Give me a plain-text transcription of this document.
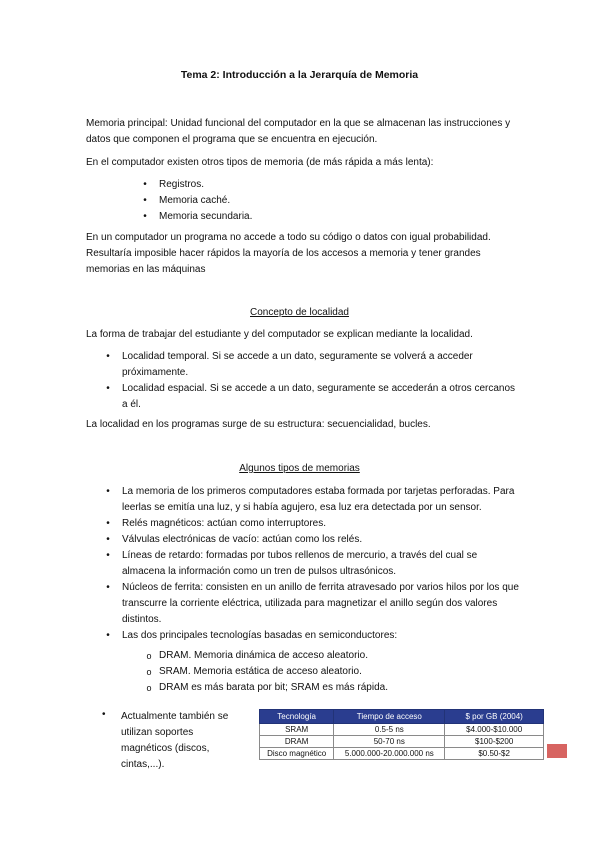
Tema 2: Introducción a la Jerarquía de Memoria

Memoria principal: Unidad funcional del computador en la que se almacenan las instrucciones y datos que componen el programa que se encuentra en ejecución.

En el computador existen otros tipos de memoria (de más rápida a más lenta):

•	Registros.
•	Memoria caché.
•	Memoria secundaria.

En un computador un programa no accede a todo su código o datos con igual probabilidad. Resultaría imposible hacer rápidos la mayoría de los accesos a memoria y tener grandes memorias en las máquinas

Concepto de localidad

La forma de trabajar del estudiante y del computador se explican mediante la localidad.

•	Localidad temporal. Si se accede a un dato, seguramente se volverá a acceder próximamente.
•	Localidad espacial. Si se accede a un dato, seguramente se accederán a otros cercanos a él.

La localidad en los programas surge de su estructura: secuencialidad, bucles.

Algunos tipos de memorias
•	La memoria de los primeros computadores estaba formada por tarjetas perforadas. Para leerlas se emitía una luz, y si había agujero, esa luz era detectada por un sensor.
•	Relés magnéticos: actúan como interruptores.
•	Válvulas electrónicas de vacío: actúan como los relés.
•	Líneas de retardo: formadas por tubos rellenos de mercurio, a través del cual se almacena la información como un tren de pulsos ultrasónicos.
•	Núcleos de ferrita: consisten en un anillo de ferrita atravesado por varios hilos por los que transcurre la corriente eléctrica, utilizada para magnetizar el anillo según dos valores distintos.
•	Las dos principales tecnologías basadas en semiconductores:
o DRAM. Memoria dinámica de acceso aleatorio.
o SRAM. Memoria estática de acceso aleatorio.
o DRAM es más barata por bit; SRAM es más rápida.
• Actualmente también se utilizan soportes magnéticos (discos, cintas,...).
Tecnología	Tiempo de acceso	$ por GB (2004)
SRAM	0.5-5 ns	$4.000-$10.000
DRAM	50-70 ns	$100-$200
Disco magnético	5.000.000-20.000.000 ns	$0.50-$2
